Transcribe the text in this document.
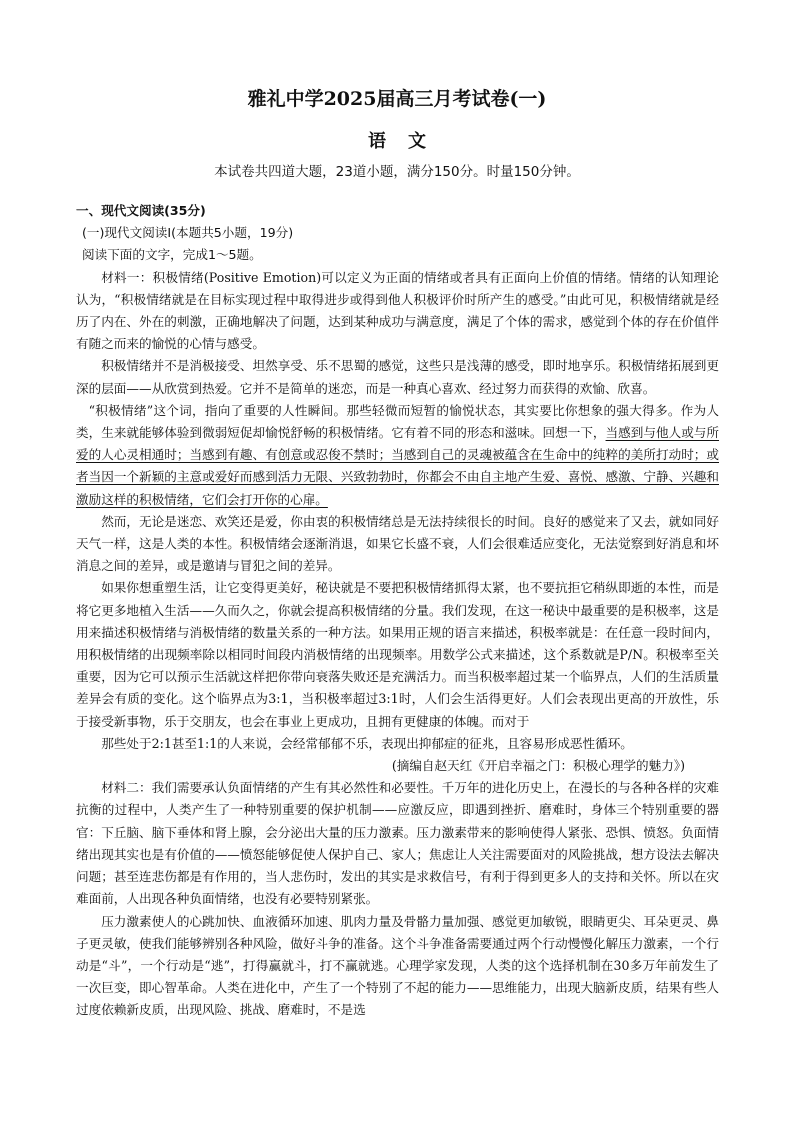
雅礼中学2025届高三月考试卷(一)
语文
本试卷共四道大题，23道小题，满分150分。时量150分钟。
一、现代文阅读(35分)
(一)现代文阅读I(本题共5小题，19分)
阅读下面的文字，完成1～5题。

材料一：积极情绪(Positive Emotion)可以定义为正面的情绪或者具有正面向上价值的情绪。情绪的认知理论认为，“积极情绪就是在目标实现过程中取得进步或得到他人积极评价时所产生的感受。”由此可见，积极情绪就是经历了内在、外在的刺激，正确地解决了问题，达到某种成功与满意度，满足了个体的需求，感觉到个体的存在价值伴有随之而来的愉悦的心情与感受。

积极情绪并不是消极接受、坦然享受、乐不思蜀的感觉，这些只是浅薄的感受，即时地享乐。积极情绪拓展到更深的层面——从欣赏到热爱。它并不是简单的迷恋，而是一种真心喜欢、经过努力而获得的欢愉、欣喜。

“积极情绪”这个词，指向了重要的人性瞬间。那些轻微而短暂的愉悦状态，其实要比你想象的强大得多。作为人类，生来就能够体验到微弱短促却愉悦舒畅的积极情绪。它有着不同的形态和滋味。回想一下，当感到与他人或与所爱的人心灵相通时；当感到有趣、有创意或忍俊不禁时；当感到自己的灵魂被蕴含在生命中的纯粹的美所打动时；或者当因一个新颖的主意或爱好而感到活力无限、兴致勃勃时，你都会不由自主地产生爱、喜悦、感激、宁静、兴趣和激励这样的积极情绪，它们会打开你的心扉。

然而，无论是迷恋、欢笑还是爱，你由衷的积极情绪总是无法持续很长的时间。良好的感觉来了又去，就如同好天气一样，这是人类的本性。积极情绪会逐渐消退，如果它长盛不衰，人们会很难适应变化，无法觉察到好消息和坏消息之间的差异，或是邀请与冒犯之间的差异。

如果你想重塑生活，让它变得更美好，秘诀就是不要把积极情绪抓得太紧，也不要抗拒它稍纵即逝的本性，而是将它更多地植入生活——久而久之，你就会提高积极情绪的分量。我们发现，在这一秘诀中最重要的是积极率，这是用来描述积极情绪与消极情绪的数量关系的一种方法。如果用正规的语言来描述，积极率就是：在任意一段时间内，用积极情绪的出现频率除以相同时间段内消极情绪的出现频率。用数学公式来描述，这个系数就是P/N。积极率至关重要，因为它可以预示生活就这样把你带向衰落失败还是充满活力。而当积极率超过某一个临界点，人们的生活质量差异会有质的变化。这个临界点为3:1，当积极率超过3:1时，人们会生活得更好。人们会表现出更高的开放性，乐于接受新事物，乐于交朋友，也会在事业上更成功，且拥有更健康的体魄。而对于

那些处于2:1甚至1:1的人来说，会经常郁郁不乐，表现出抑郁症的征兆，且容易形成恶性循环。

(摘编自赵天红《开启幸福之门：积极心理学的魅力》)

材料二：我们需要承认负面情绪的产生有其必然性和必要性。千万年的进化历史上，在漫长的与各种各样的灾难抗衡的过程中，人类产生了一种特别重要的保护机制——应激反应，即遇到挫折、磨难时，身体三个特别重要的器官：下丘脑、脑下垂体和肾上腺，会分泌出大量的压力激素。压力激素带来的影响使得人紧张、恐惧、愤怒。负面情绪出现其实也是有价值的——愤怒能够促使人保护自己、家人；焦虑让人关注需要面对的风险挑战，想方设法去解决问题；甚至连悲伤都是有作用的，当人悲伤时，发出的其实是求救信号，有利于得到更多人的支持和关怀。所以在灾难面前，人出现各种负面情绪，也没有必要特别紧张。

压力激素使人的心跳加快、血液循环加速、肌肉力量及骨骼力量加强、感觉更加敏锐，眼睛更尖、耳朵更灵、鼻子更灵敏，使我们能够辨别各种风险，做好斗争的准备。这个斗争准备需要通过两个行动慢慢化解压力激素，一个行动是“斗”，一个行动是“逃”，打得赢就斗，打不赢就逃。心理学家发现，人类的这个选择机制在30多万年前发生了一次巨变，即心智革命。人类在进化中，产生了一个特别了不起的能力——思维能力，出现大脑新皮质，结果有些人过度依赖新皮质，出现风险、挑战、磨难时，不是选
